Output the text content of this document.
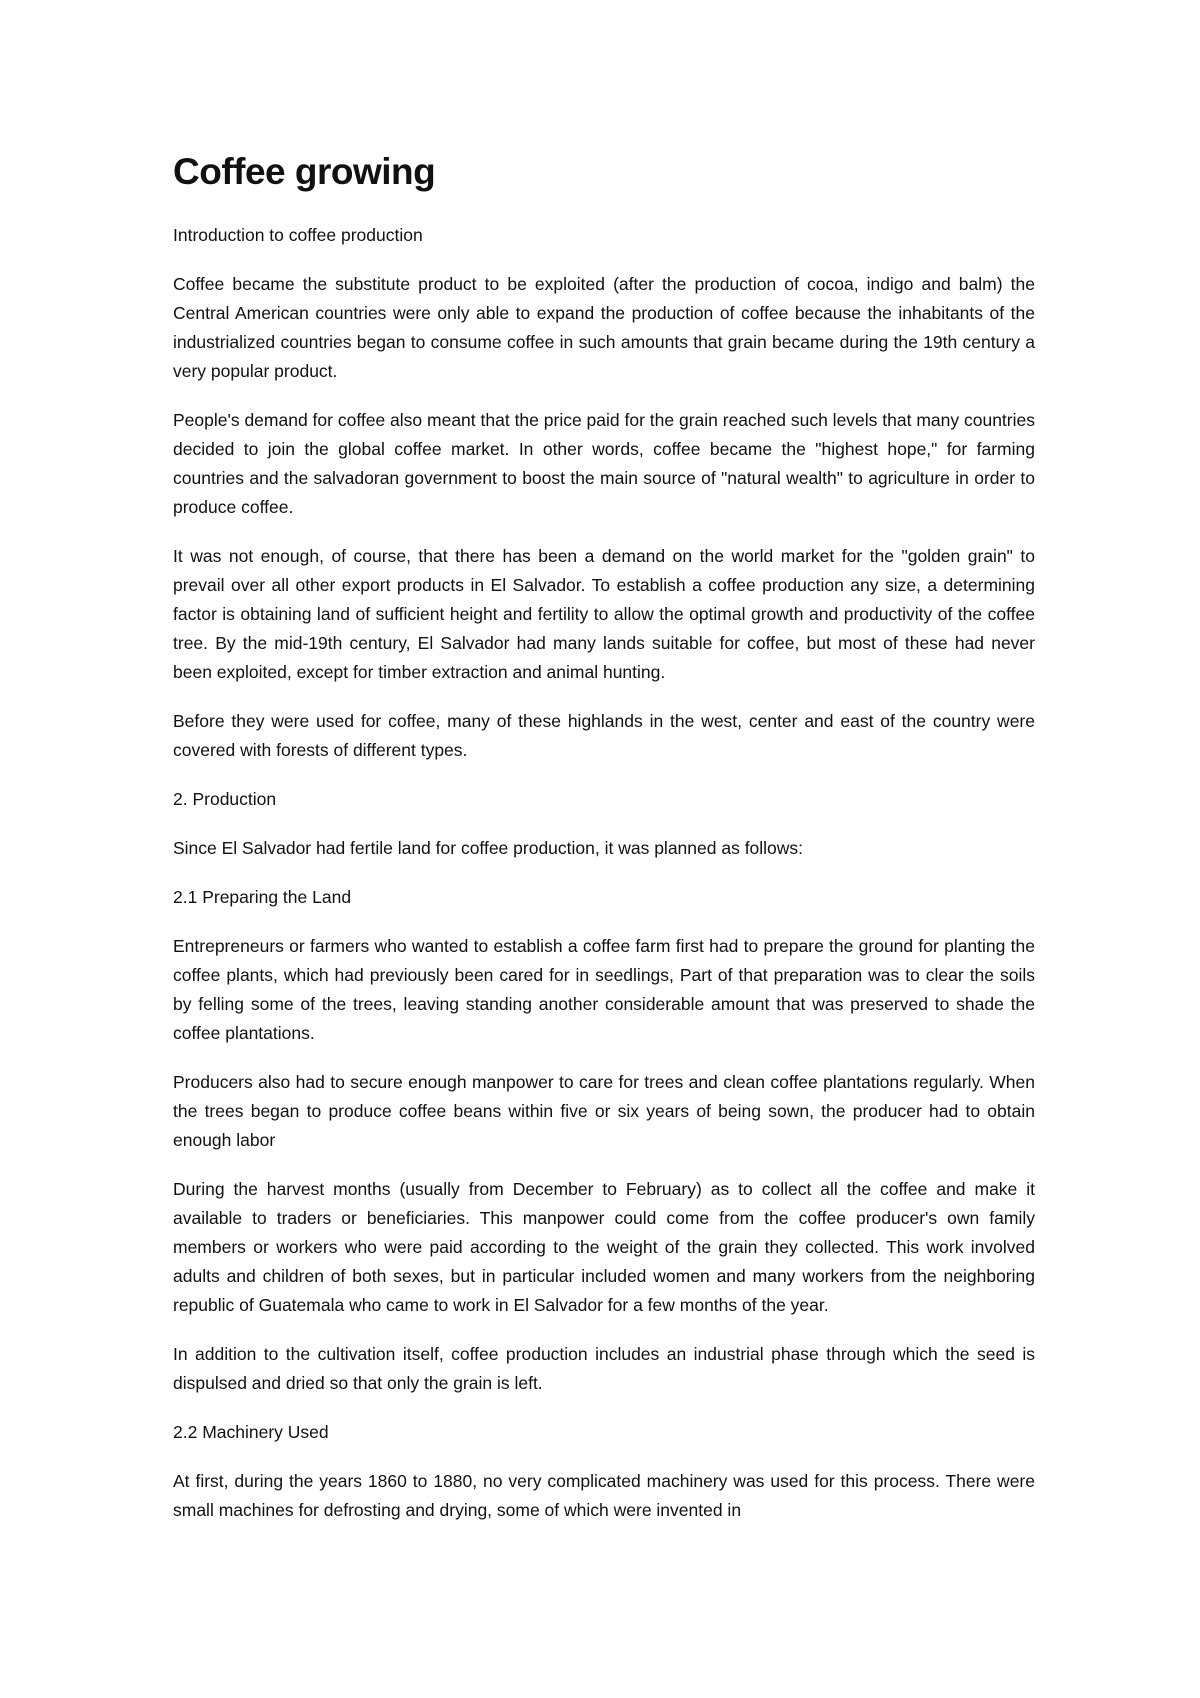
Coffee growing

Introduction to coffee production

Coffee became the substitute product to be exploited (after the production of cocoa, indigo and balm) the Central American countries were only able to expand the production of coffee because the inhabitants of the industrialized countries began to consume coffee in such amounts that grain became during the 19th century a very popular product.

People's demand for coffee also meant that the price paid for the grain reached such levels that many countries decided to join the global coffee market. In other words, coffee became the "highest hope," for farming countries and the salvadoran government to boost the main source of "natural wealth" to agriculture in order to produce coffee.

It was not enough, of course, that there has been a demand on the world market for the "golden grain" to prevail over all other export products in El Salvador. To establish a coffee production any size, a determining factor is obtaining land of sufficient height and fertility to allow the optimal growth and productivity of the coffee tree. By the mid-19th century, El Salvador had many lands suitable for coffee, but most of these had never been exploited, except for timber extraction and animal hunting.

Before they were used for coffee, many of these highlands in the west, center and east of the country were covered with forests of different types.

2. Production

Since El Salvador had fertile land for coffee production, it was planned as follows:

2.1 Preparing the Land

Entrepreneurs or farmers who wanted to establish a coffee farm first had to prepare the ground for planting the coffee plants, which had previously been cared for in seedlings, Part of that preparation was to clear the soils by felling some of the trees, leaving standing another considerable amount that was preserved to shade the coffee plantations.

Producers also had to secure enough manpower to care for trees and clean coffee plantations regularly. When the trees began to produce coffee beans within five or six years of being sown, the producer had to obtain enough labor

During the harvest months (usually from December to February) as to collect all the coffee and make it available to traders or beneficiaries. This manpower could come from the coffee producer's own family members or workers who were paid according to the weight of the grain they collected. This work involved adults and children of both sexes, but in particular included women and many workers from the neighboring republic of Guatemala who came to work in El Salvador for a few months of the year.

In addition to the cultivation itself, coffee production includes an industrial phase through which the seed is dispulsed and dried so that only the grain is left.

2.2 Machinery Used

At first, during the years 1860 to 1880, no very complicated machinery was used for this process. There were small machines for defrosting and drying, some of which were invented in
